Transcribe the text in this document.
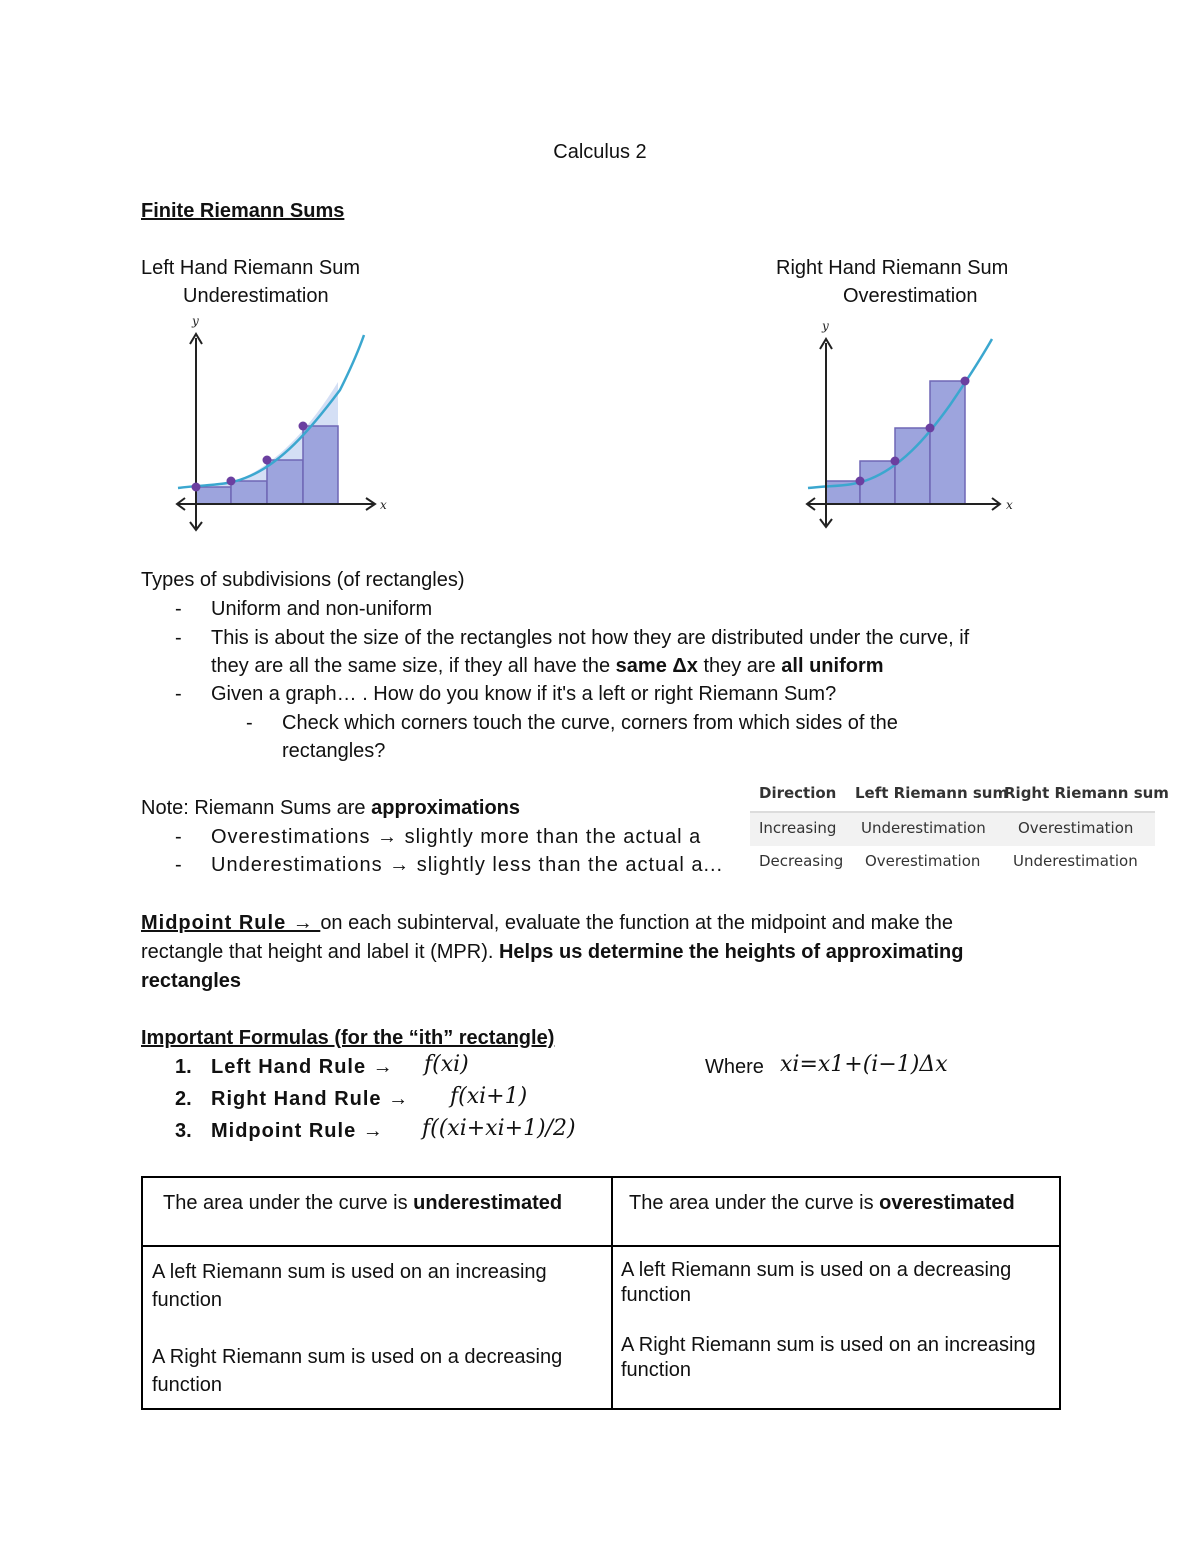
Calculus 2
Finite Riemann Sums
Left Hand Riemann Sum
Underestimation
Right Hand Riemann Sum
Overestimation
y
x
y
x
Types of subdivisions (of rectangles)
- Uniform and non-uniform
- This is about the size of the rectangles not how they are distributed under the curve, if
they are all the same size, if they all have the same Δx they are all uniform
- Given a graph… . How do you know if it's a left or right Riemann Sum?
- Check which corners touch the curve, corners from which sides of the
rectangles?
Note: Riemann Sums are approximations
- Overestimations → slightly more than the actual a
- Underestimations → slightly less than the actual a...
Direction Left Riemann sum
Right Riemann sum
Increasing Underestimation Overestimation
Decreasing Overestimation Underestimation
Midpoint Rule → on each subinterval, evaluate the function at the midpoint and make the
rectangle that height and label it (MPR). Helps us determine the heights of approximating
rectangles
Important Formulas (for the “ith” rectangle)
1. Left Hand Rule → f(xi)
2. Right Hand Rule → f(xi+1)
3. Midpoint Rule → f((xi+xi+1)/2)
Where xi=x1+(i−1)Δx
The area under the curve is underestimated	The area under the curve is overestimated
A left Riemann sum is used on an increasing function
A Right Riemann sum is used on a decreasing function
A left Riemann sum is used on a decreasing function
A Right Riemann sum is used on an increasing function
